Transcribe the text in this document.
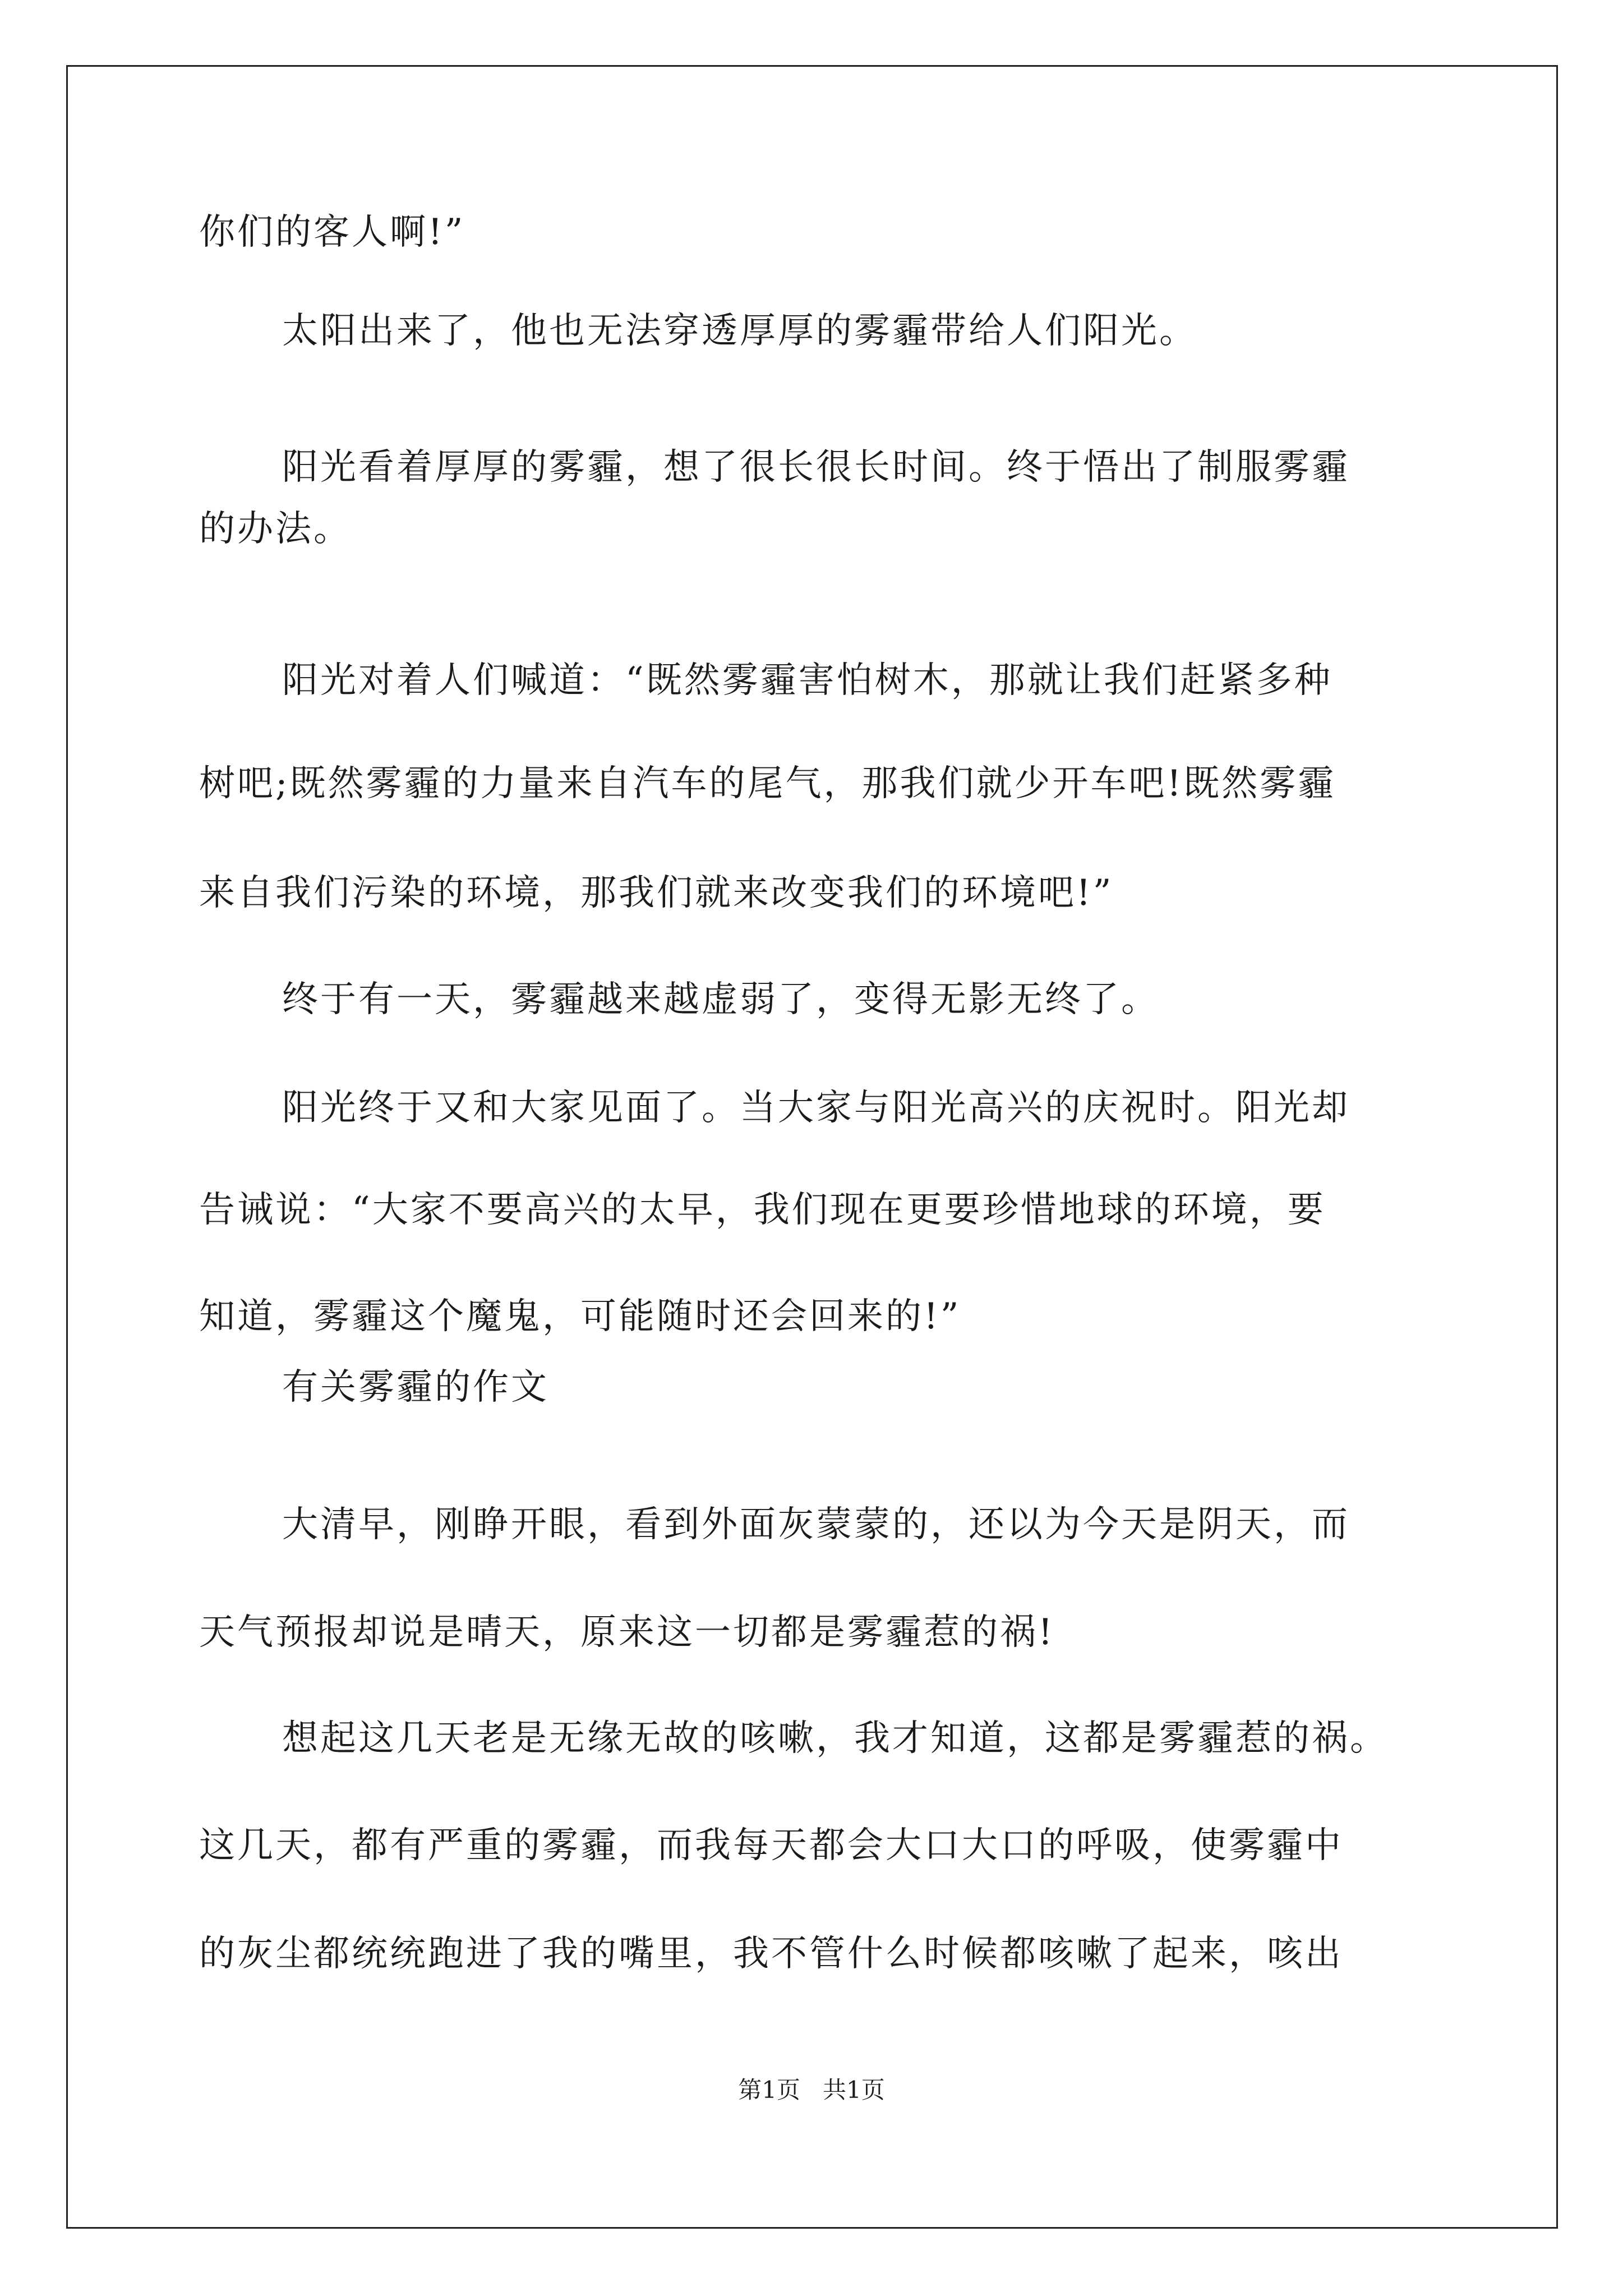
你们的客人啊!”
太阳出来了，他也无法穿透厚厚的雾霾带给人们阳光。
阳光看着厚厚的雾霾，想了很长很长时间。终于悟出了制服雾霾
的办法。
阳光对着人们喊道：“既然雾霾害怕树木，那就让我们赶紧多种
树吧;既然雾霾的力量来自汽车的尾气，那我们就少开车吧!既然雾霾
来自我们污染的环境，那我们就来改变我们的环境吧!”
终于有一天，雾霾越来越虚弱了，变得无影无终了。
阳光终于又和大家见面了。当大家与阳光高兴的庆祝时。阳光却
告诫说：“大家不要高兴的太早，我们现在更要珍惜地球的环境，要
知道，雾霾这个魔鬼，可能随时还会回来的!”
有关雾霾的作文
大清早，刚睁开眼，看到外面灰蒙蒙的，还以为今天是阴天，而
天气预报却说是晴天，原来这一切都是雾霾惹的祸!
想起这几天老是无缘无故的咳嗽，我才知道，这都是雾霾惹的祸。
这几天，都有严重的雾霾，而我每天都会大口大口的呼吸，使雾霾中
的灰尘都统统跑进了我的嘴里，我不管什么时候都咳嗽了起来，咳出
第1页 共1页
